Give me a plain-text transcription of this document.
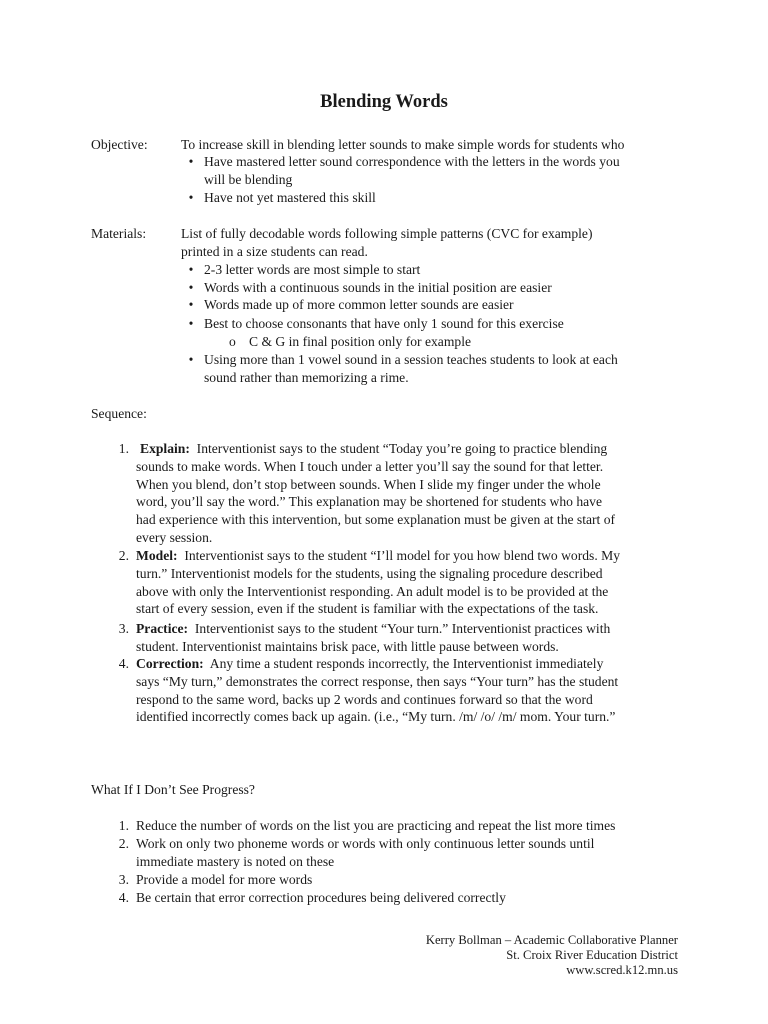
Blending Words
Objective: To increase skill in blending letter sounds to make simple words for students who
• Have mastered letter sound correspondence with the letters in the words you
will be blending
• Have not yet mastered this skill
Materials:	List of fully decodable words following simple patterns (CVC for example)
printed in a size students can read.
• 2-3 letter words are most simple to start
• Words with a continuous sounds in the initial position are easier
• Words made up of more common letter sounds are easier
• Best to choose consonants that have only 1 sound for this exercise
o C & G in final position only for example
• Using more than 1 vowel sound in a session teaches students to look at each
sound rather than memorizing a rime.
Sequence:
1. Explain: Interventionist says to the student “Today you’re going to practice blending
sounds to make words. When I touch under a letter you’ll say the sound for that letter.
When you blend, don’t stop between sounds. When I slide my finger under the whole
word, you’ll say the word.” This explanation may be shortened for students who have
had experience with this intervention, but some explanation must be given at the start of
every session.
2. Model: Interventionist says to the student “I’ll model for you how blend two words. My
turn.” Interventionist models for the students, using the signaling procedure described
above with only the Interventionist responding. An adult model is to be provided at the
start of every session, even if the student is familiar with the expectations of the task.
3. Practice: Interventionist says to the student “Your turn.” Interventionist practices with
student. Interventionist maintains brisk pace, with little pause between words.
4. Correction: Any time a student responds incorrectly, the Interventionist immediately
says “My turn,” demonstrates the correct response, then says “Your turn” has the student
respond to the same word, backs up 2 words and continues forward so that the word
identified incorrectly comes back up again. (i.e., “My turn. /m/ /o/ /m/ mom. Your turn.”
What If I Don’t See Progress?
1. Reduce the number of words on the list you are practicing and repeat the list more times
2. Work on only two phoneme words or words with only continuous letter sounds until
immediate mastery is noted on these
3. Provide a model for more words
4. Be certain that error correction procedures being delivered correctly
Kerry Bollman – Academic Collaborative Planner
St. Croix River Education District
www.scred.k12.mn.us
